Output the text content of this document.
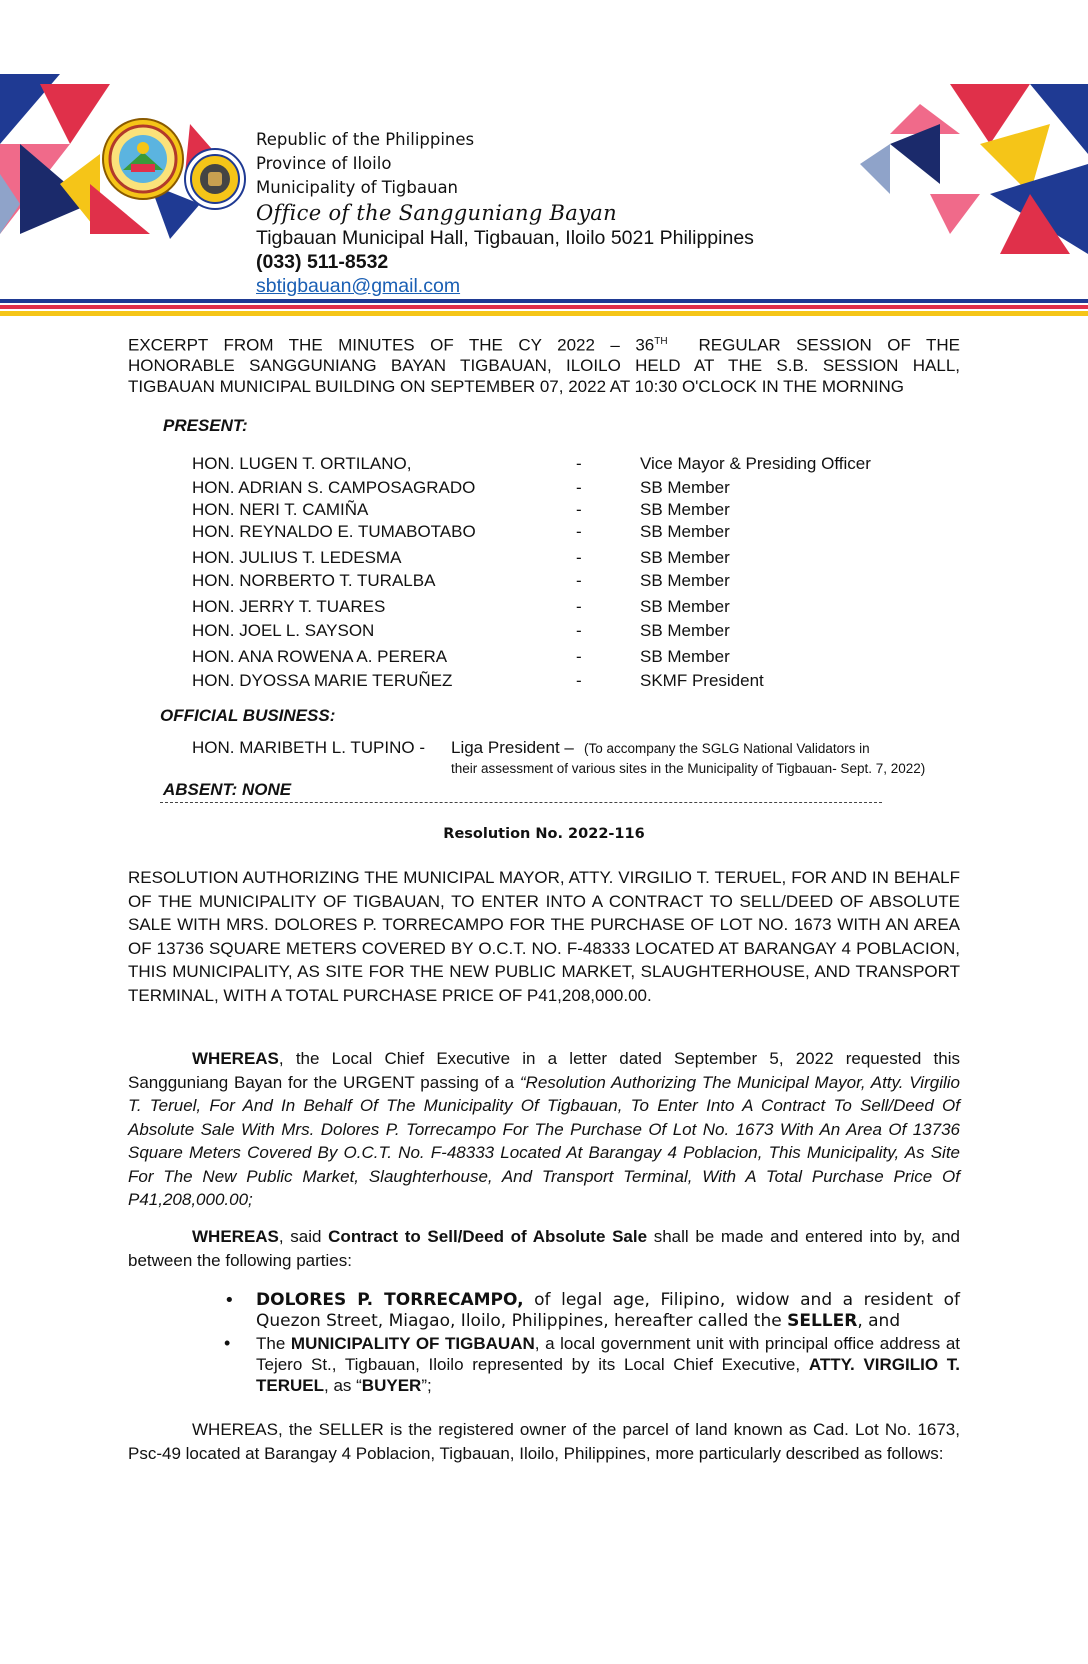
Republic of the Philippines
Province of Iloilo
Municipality of Tigbauan
Office of the Sangguniang Bayan
Tigbauan Municipal Hall, Tigbauan, Iloilo 5021 Philippines
(033) 511-8532
sbtigbauan@gmail.com
EXCERPT FROM THE MINUTES OF THE CY 2022 – 36TH REGULAR SESSION OF THE
HONORABLE SANGGUNIANG BAYAN TIGBAUAN, ILOILO HELD AT THE S.B. SESSION HALL,
TIGBAUAN MUNICIPAL BUILDING ON SEPTEMBER 07, 2022 AT 10:30 O'CLOCK IN THE MORNING
PRESENT:
HON. LUGEN T. ORTILANO,	-	Vice Mayor & Presiding Officer
HON. ADRIAN S. CAMPOSAGRADO	-	SB Member
HON. NERI T. CAMIÑA	-	SB Member
HON. REYNALDO E. TUMABOTABO	-	SB Member
HON. JULIUS T. LEDESMA	-	SB Member
HON. NORBERTO T. TURALBA	-	SB Member
HON. JERRY T. TUARES	-	SB Member
HON. JOEL L. SAYSON	-	SB Member
HON. ANA ROWENA A. PERERA	-	SB Member
HON. DYOSSA MARIE TERUÑEZ	-	SKMF President
OFFICIAL BUSINESS:
HON. MARIBETH L. TUPINO - Liga President – (To accompany the SGLG National Validators in
their assessment of various sites in the Municipality of Tigbauan- Sept. 7, 2022)
ABSENT: NONE
Resolution No. 2022-116
RESOLUTION AUTHORIZING THE MUNICIPAL MAYOR, ATTY. VIRGILIO T. TERUEL, FOR AND IN BEHALF OF THE MUNICIPALITY OF TIGBAUAN, TO ENTER INTO A CONTRACT TO SELL/DEED OF ABSOLUTE SALE WITH MRS. DOLORES P. TORRECAMPO FOR THE PURCHASE OF LOT NO. 1673 WITH AN AREA OF 13736 SQUARE METERS COVERED BY O.C.T. NO. F-48333 LOCATED AT BARANGAY 4 POBLACION, THIS MUNICIPALITY, AS SITE FOR THE NEW PUBLIC MARKET, SLAUGHTERHOUSE, AND TRANSPORT TERMINAL, WITH A TOTAL PURCHASE PRICE OF P41,208,000.00.
WHEREAS, the Local Chief Executive in a letter dated September 5, 2022 requested this Sangguniang Bayan for the URGENT passing of a “Resolution Authorizing The Municipal Mayor, Atty. Virgilio T. Teruel, For And In Behalf Of The Municipality Of Tigbauan, To Enter Into A Contract To Sell/Deed Of Absolute Sale With Mrs. Dolores P. Torrecampo For The Purchase Of Lot No. 1673 With An Area Of 13736 Square Meters Covered By O.C.T. No. F-48333 Located At Barangay 4 Poblacion, This Municipality, As Site For The New Public Market, Slaughterhouse, And Transport Terminal, With A Total Purchase Price Of P41,208,000.00;
WHEREAS, said Contract to Sell/Deed of Absolute Sale shall be made and entered into by, and between the following parties:
• DOLORES P. TORRECAMPO, of legal age, Filipino, widow and a resident of Quezon Street, Miagao, Iloilo, Philippines, hereafter called the SELLER, and
• The MUNICIPALITY OF TIGBAUAN, a local government unit with principal office address at Tejero St., Tigbauan, Iloilo represented by its Local Chief Executive, ATTY. VIRGILIO T. TERUEL, as “BUYER”;
WHEREAS, the SELLER is the registered owner of the parcel of land known as Cad. Lot No. 1673, Psc-49 located at Barangay 4 Poblacion, Tigbauan, Iloilo, Philippines, more particularly described as follows:
